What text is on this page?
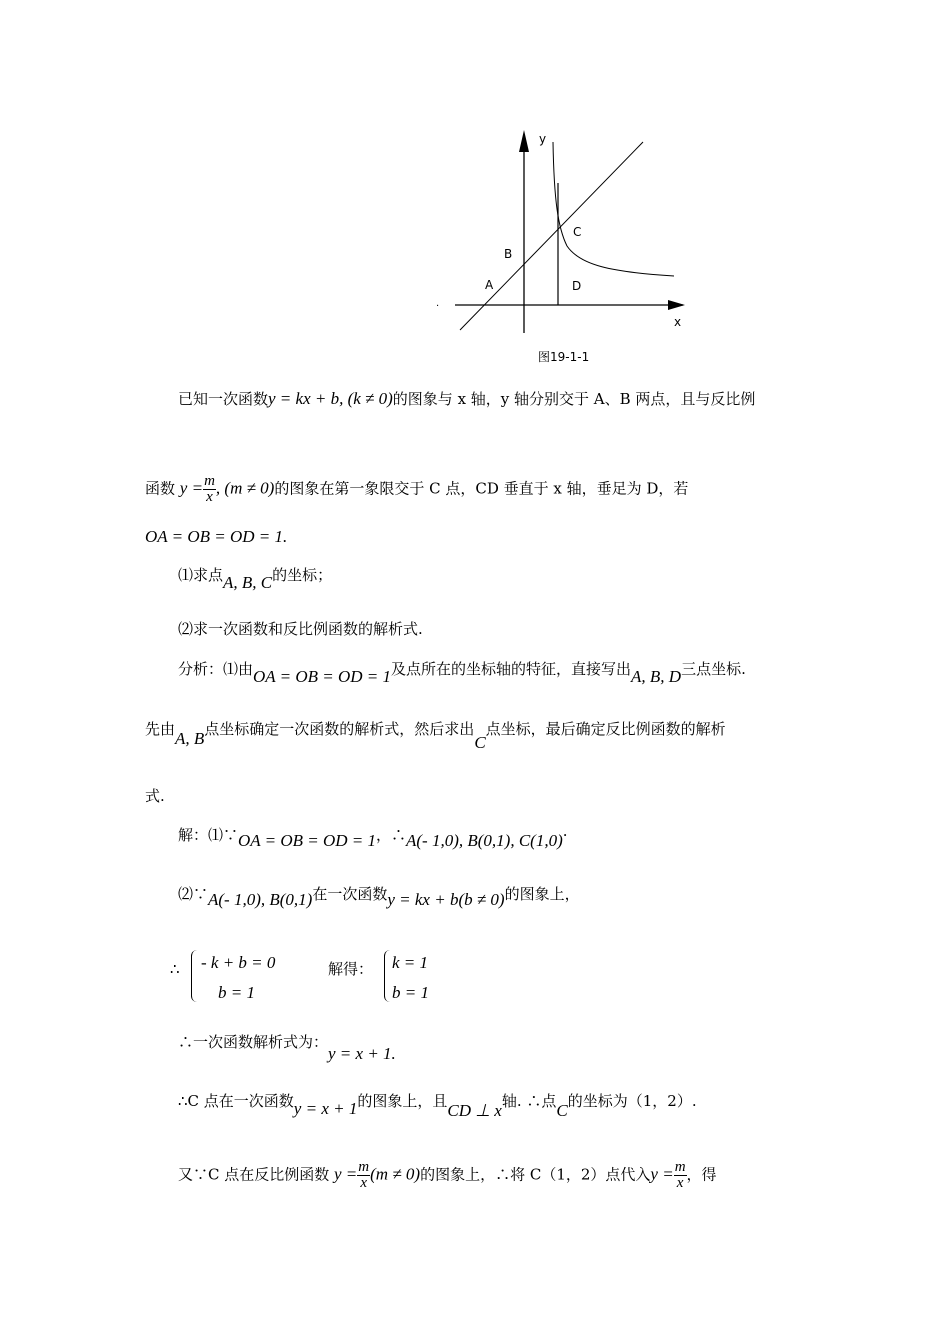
y
x
A
B
C
D
图19-1-1
.
已知一次函数y = kx + b, (k ≠ 0)的图象与 x 轴，y 轴分别交于 A、B 两点，且与反比例
函数 $y = \frac{m}{x}$ , (m ≠ 0)的图象在第一象限交于 C 点，CD 垂直于 x 轴，垂足为 D，若
OA = OB = OD = 1.
⑴求点A, B, C的坐标；
⑵求一次函数和反比例函数的解析式.
分析：⑴由OA = OB = OD = 1及点所在的坐标轴的特征，直接写出A, B, D三点坐标.
先由A, B点坐标确定一次函数的解析式，然后求出C点坐标，最后确定反比例函数的解析
式.
解：⑴∵OA = OB = OD = 1，∴A(- 1,0), B(0,1), C(1,0)·
⑵∵A(- 1,0), B(0,1)在一次函数y = kx + b(b ≠ 0)的图象上，
∴ - k + b = 0
b = 1
解得： k = 1
b = 1
∴一次函数解析式为：y = x + 1.
∴C 点在一次函数y = x + 1的图象上，且CD ⊥ x轴. ∴点C的坐标为（1，2）.
又∵C 点在反比例函数 $y = \frac{m}{x} (m \ne 0)$的图象上，∴将 C（1，2）点代入$y = \frac{m}{x}$ ，得
